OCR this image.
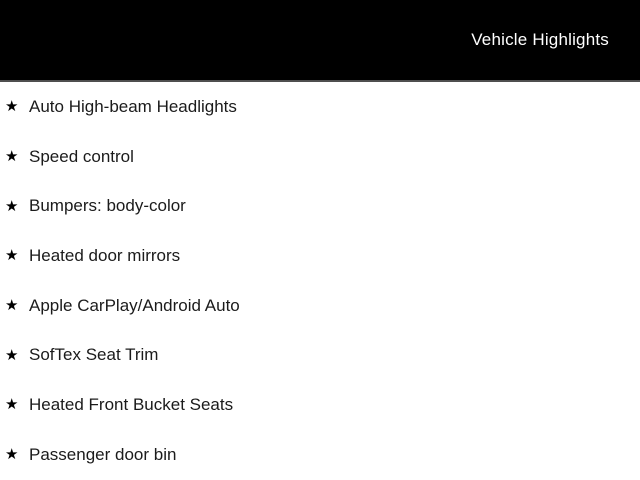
Vehicle Highlights
★ Auto High-beam Headlights
★ Speed control
★ Bumpers: body-color
★ Heated door mirrors
★ Apple CarPlay/Android Auto
★ SofTex Seat Trim
★ Heated Front Bucket Seats
★ Passenger door bin
